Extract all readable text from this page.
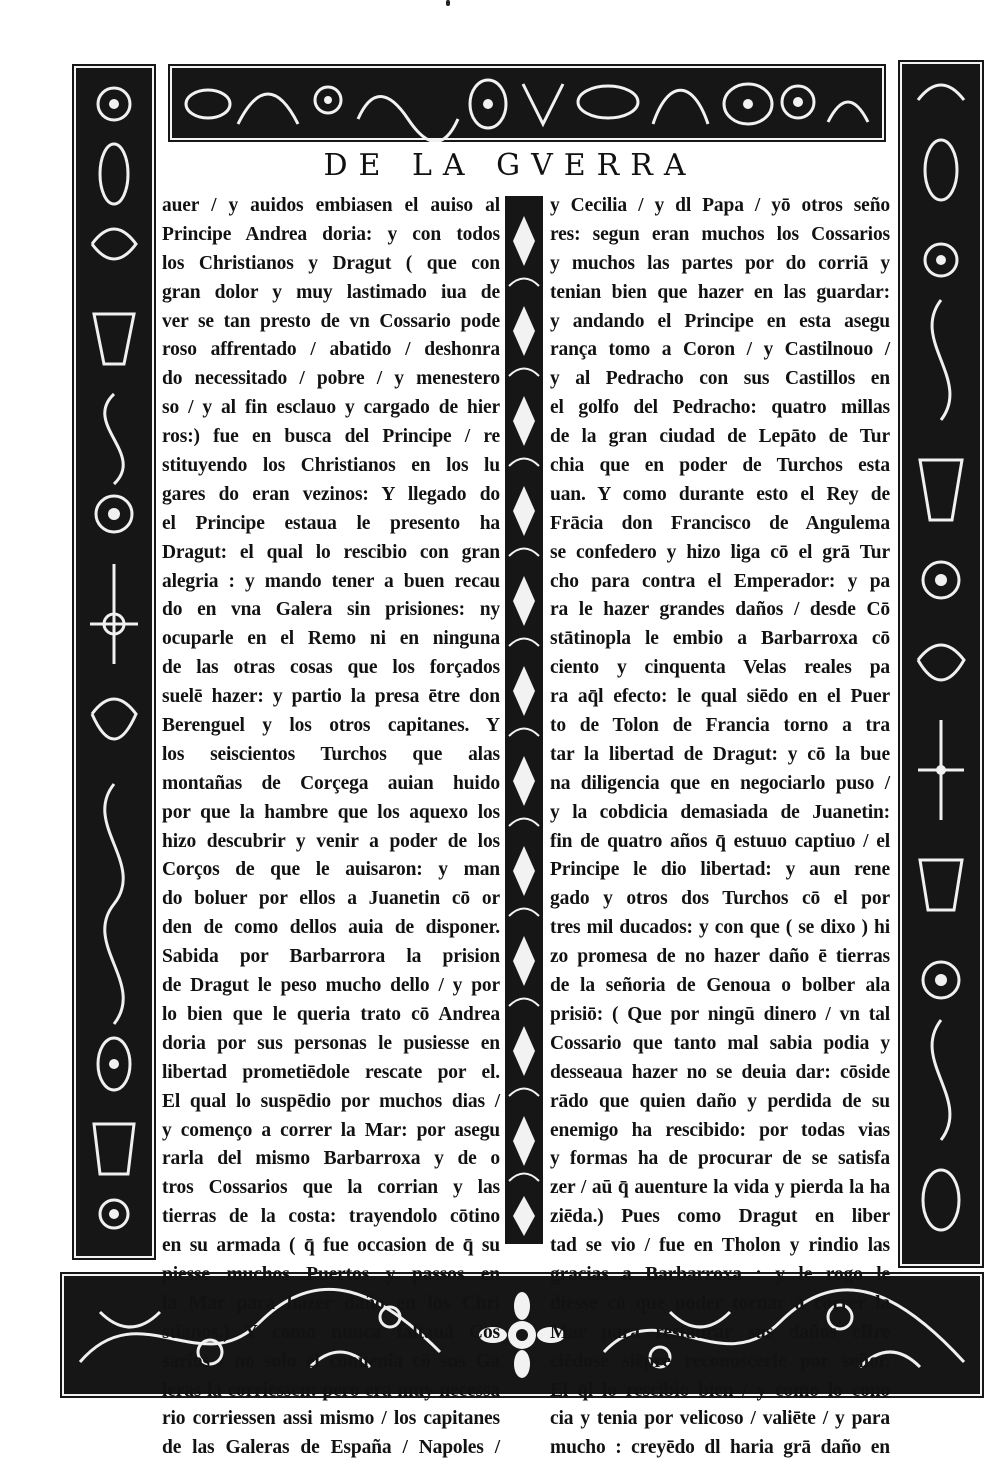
DE LA GVERRA
auer / y auidos embiasen el auiso al
Principe Andrea doria: y con todos
los Christianos y Dragut ( que con
gran dolor y muy lastimado iua de
ver se tan presto de vn Cossario pode
roso affrentado / abatido / deshonra
do necessitado / pobre / y menestero
so / y al fin esclauo y cargado de hier
ros:) fue en busca del Principe / re
stituyendo los Christianos en los lu
gares do eran vezinos: Y llegado do
el Principe estaua le presento ha
Dragut: el qual lo rescibio con gran
alegria : y mando tener a buen recau
do en vna Galera sin prisiones: ny
ocuparle en el Remo ni en ninguna
de las otras cosas que los forçados
suelē hazer: y partio la presa ētre don
Berenguel y los otros capitanes. Y
los seiscientos Turchos que alas
montañas de Corçega auian huido
por que la hambre que los aquexo los
hizo descubrir y venir a poder de los
Corços de que le auisaron: y man
do boluer por ellos a Juanetin cō or
den de como dellos auia de disponer.
Sabida por Barbarrora la prision
de Dragut le peso mucho dello / y por
lo bien que le queria trato cō Andrea
doria por sus personas le pusiesse en
libertad prometiēdole rescate por el.
El qual lo suspēdio por muchos dias /
y començo a correr la Mar: por asegu
rarla del mismo Barbarroxa y de o
tros Cossarios que la corrian y las
tierras de la costa: trayendolo cōtino
en su armada ( q̄ fue occasion de q̄ su
piesse muchos Puertos y passos en
la Mar para hazer daño en los Chri
stianos.) Y como nunca faltauā Cos
sarios / no solo el conuenia cō sus Ga
leras la corriessen: pero era muy necessa
rio corriessen assi mismo / los capitanes
de las Galeras de España / Napoles /
y Cecilia / y dl Papa / yō otros seño
res: segun eran muchos los Cossarios
y muchos las partes por do corriā y
tenian bien que hazer en las guardar:
y andando el Principe en esta asegu
rança tomo a Coron / y Castilnouo /
y al Pedracho con sus Castillos en
el golfo del Pedracho: quatro millas
de la gran ciudad de Lepāto de Tur
chia que en poder de Turchos esta
uan. Y como durante esto el Rey de
Frācia don Francisco de Angulema
se confedero y hizo liga cō el grā Tur
cho para contra el Emperador: y pa
ra le hazer grandes daños / desde Cō
stātinopla le embio a Barbarroxa cō
ciento y cinquenta Velas reales pa
ra aq̄l efecto: le qual siēdo en el Puer
to de Tolon de Francia torno a tra
tar la libertad de Dragut: y cō la bue
na diligencia que en negociarlo puso /
y la cobdicia demasiada de Juanetin:
fin de quatro años q̄ estuuo captiuo / el
Principe le dio libertad: y aun rene
gado y otros dos Turchos cō el por
tres mil ducados: y con que ( se dixo ) hi
zo promesa de no hazer daño ē tierras
de la señoria de Genoua o bolber ala
prisiō: ( Que por ningū dinero / vn tal
Cossario que tanto mal sabia podia y
desseaua hazer no se deuia dar: cōside
rādo que quien daño y perdida de su
enemigo ha rescibido: por todas vias
y formas ha de procurar de se satisfa
zer / aū q̄ auenture la vida y pierda la ha
ziēda.) Pues como Dragut en liber
tad se vio / fue en Tholon y rindio las
gracias a Barbarroxa : y le rogo le
diesse cō que poder tornar a correr la
Mar para restaurar sus daños effre
ciēdose siēpre reconoscerle por señor.
El q̄l lo rescibio bien / y como lo cono
cia y tenia por velicoso / valiēte / y para
mucho : creyēdo dl haria grā daño en
